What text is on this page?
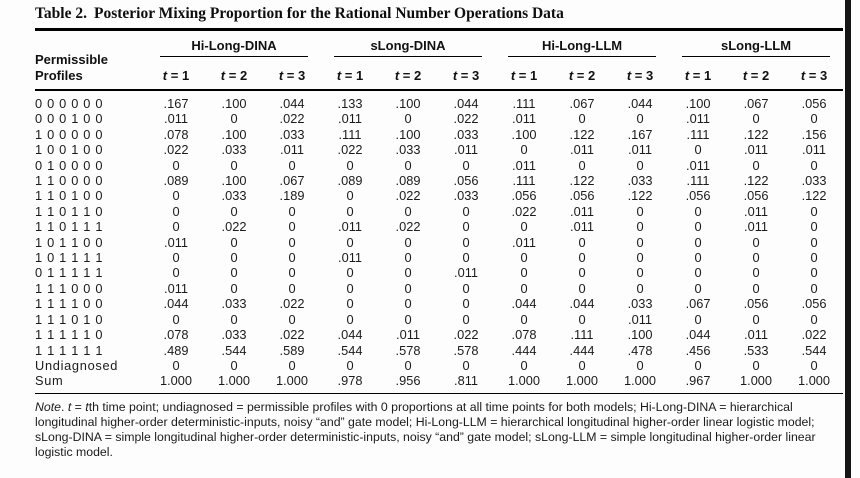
Table 2. Posterior Mixing Proportion for the Rational Number Operations Data
Permissible
Profiles	Hi-Long-DINA			sLong-DINA			Hi-Long-LLM			sLong-LLM		

	t = 1	t = 2	t = 3	t = 1	t = 2	t = 3	t = 1	t = 2	t = 3	t = 1	t = 2	t = 3
0 0 0 0 0 0	.167	.100	.044	.133	.100	.044	.111	.067	.044	.100	.067	.056
0 0 0 1 0 0	.011	0	.022	.011	0	.022	.011	0	0	.011	0	0
1 0 0 0 0 0	.078	.100	.033	.111	.100	.033	.100	.122	.167	.111	.122	.156
1 0 0 1 0 0	.022	.033	.011	.022	.033	.011	0	.011	.011	0	.011	.011
0 1 0 0 0 0	0	0	0	0	0	0	.011	0	0	.011	0	0
1 1 0 0 0 0	.089	.100	.067	.089	.089	.056	.111	.122	.033	.111	.122	.033
1 1 0 1 0 0	0	.033	.189	0	.022	.033	.056	.056	.122	.056	.056	.122
1 1 0 1 1 0	0	0	0	0	0	0	.022	.011	0	0	.011	0
1 1 0 1 1 1	0	.022	0	.011	.022	0	0	.011	0	0	.011	0
1 0 1 1 0 0	.011	0	0	0	0	0	.011	0	0	0	0	0
1 0 1 1 1 1	0	0	0	.011	0	0	0	0	0	0	0	0
0 1 1 1 1 1	0	0	0	0	0	.011	0	0	0	0	0	0
1 1 1 0 0 0	.011	0	0	0	0	0	0	0	0	0	0	0
1 1 1 1 0 0	.044	.033	.022	0	0	0	.044	.044	.033	.067	.056	.056
1 1 1 0 1 0	0	0	0	0	0	0	0	0	.011	0	0	0
1 1 1 1 1 0	.078	.033	.022	.044	.011	.022	.078	.111	.100	.044	.011	.022
1 1 1 1 1 1	.489	.544	.589	.544	.578	.578	.444	.444	.478	.456	.533	.544
Undiagnosed	0	0	0	0	0	0	0	0	0	0	0	0
Sum	1.000	1.000	1.000	.978	.956	.811	1.000	1.000	1.000	.967	1.000	1.000

Note. t = tth time point; undiagnosed = permissible profiles with 0 proportions at all time points for both models; Hi-Long-DINA = hierarchical longitudinal higher-order deterministic-inputs, noisy “and” gate model; Hi-Long-LLM = hierarchical longitudinal higher-order linear logistic model; sLong-DINA = simple longitudinal higher-order deterministic-inputs, noisy “and” gate model; sLong-LLM = simple longitudinal higher-order linear logistic model.
